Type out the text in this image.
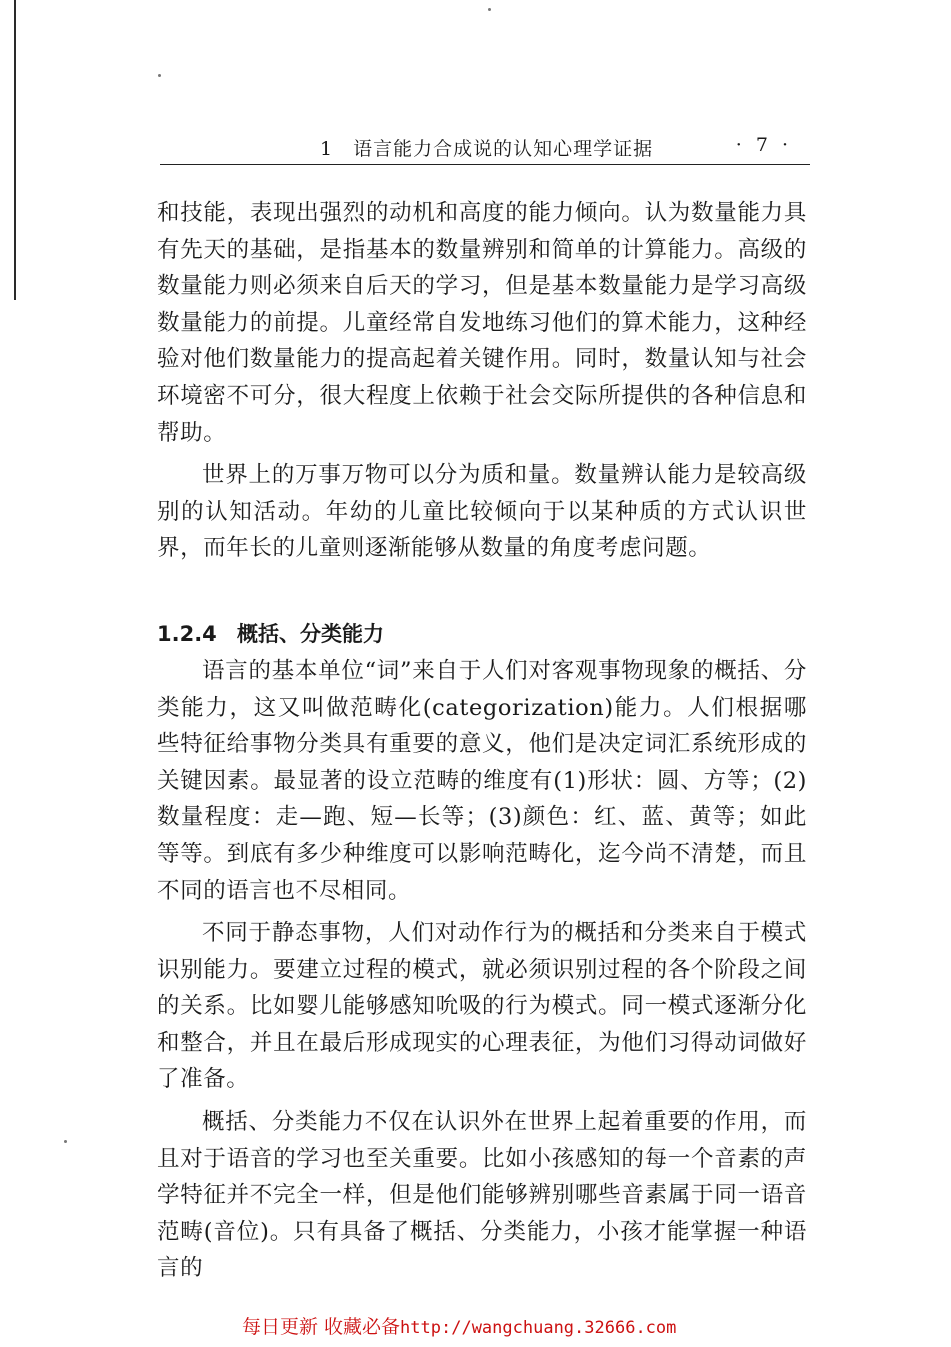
1　语言能力合成说的认知心理学证据	· 7 ·

和技能，表现出强烈的动机和高度的能力倾向。认为数量能力具有先天的基础，是指基本的数量辨别和简单的计算能力。高级的数量能力则必须来自后天的学习，但是基本数量能力是学习高级数量能力的前提。儿童经常自发地练习他们的算术能力，这种经验对他们数量能力的提高起着关键作用。同时，数量认知与社会环境密不可分，很大程度上依赖于社会交际所提供的各种信息和帮助。

世界上的万事万物可以分为质和量。数量辨认能力是较高级别的认知活动。年幼的儿童比较倾向于以某种质的方式认识世界，而年长的儿童则逐渐能够从数量的角度考虑问题。

1.2.4 概括、分类能力

语言的基本单位“词”来自于人们对客观事物现象的概括、分类能力，这又叫做范畴化(categorization)能力。人们根据哪些特征给事物分类具有重要的意义，他们是决定词汇系统形成的关键因素。最显著的设立范畴的维度有(1)形状：圆、方等；(2)数量程度：走—跑、短—长等；(3)颜色：红、蓝、黄等；如此等等。到底有多少种维度可以影响范畴化，迄今尚不清楚，而且不同的语言也不尽相同。

不同于静态事物，人们对动作行为的概括和分类来自于模式识别能力。要建立过程的模式，就必须识别过程的各个阶段之间的关系。比如婴儿能够感知吮吸的行为模式。同一模式逐渐分化和整合，并且在最后形成现实的心理表征，为他们习得动词做好了准备。

概括、分类能力不仅在认识外在世界上起着重要的作用，而且对于语音的学习也至关重要。比如小孩感知的每一个音素的声学特征并不完全一样，但是他们能够辨别哪些音素属于同一语音范畴(音位)。只有具备了概括、分类能力，小孩才能掌握一种语言的

每日更新 收藏必备http://wangchuang.32666.com
